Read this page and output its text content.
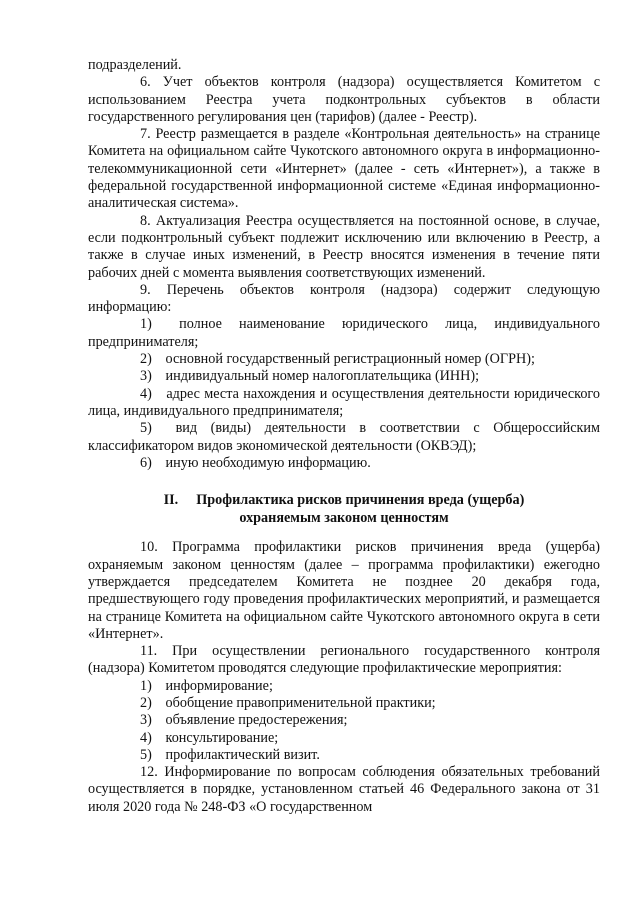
подразделений.

6. Учет объектов контроля (надзора) осуществляется Комитетом с использованием Реестра учета подконтрольных субъектов в области государственного регулирования цен (тарифов) (далее - Реестр).

7. Реестр размещается в разделе «Контрольная деятельность» на странице Комитета на официальном сайте Чукотского автономного округа в информационно-телекоммуникационной сети «Интернет» (далее - сеть «Интернет»), а также в федеральной государственной информационной системе «Единая информационно-аналитическая система».

8. Актуализация Реестра осуществляется на постоянной основе, в случае, если подконтрольный субъект подлежит исключению или включению в Реестр, а также в случае иных изменений, в Реестр вносятся изменения в течение пяти рабочих дней с момента выявления соответствующих изменений.

9. Перечень объектов контроля (надзора) содержит следующую информацию:

1) полное наименование юридического лица, индивидуального предпринимателя;

2) основной государственный регистрационный номер (ОГРН);

3) индивидуальный номер налогоплательщика (ИНН);

4) адрес места нахождения и осуществления деятельности юридического лица, индивидуального предпринимателя;

5) вид (виды) деятельности в соответствии с Общероссийским классификатором видов экономической деятельности (ОКВЭД);

6) иную необходимую информацию.

II. Профилактика рисков причинения вреда (ущерба)
охраняемым законом ценностям

10. Программа профилактики рисков причинения вреда (ущерба) охраняемым законом ценностям (далее – программа профилактики) ежегодно утверждается председателем Комитета не позднее 20 декабря года, предшествующего году проведения профилактических мероприятий, и размещается на странице Комитета на официальном сайте Чукотского автономного округа в сети «Интернет».

11. При осуществлении регионального государственного контроля (надзора) Комитетом проводятся следующие профилактические мероприятия:

1) информирование;

2) обобщение правоприменительной практики;

3) объявление предостережения;

4) консультирование;

5) профилактический визит.

12. Информирование по вопросам соблюдения обязательных требований осуществляется в порядке, установленном статьей 46 Федерального закона от 31 июля 2020 года № 248-ФЗ «О государственном
